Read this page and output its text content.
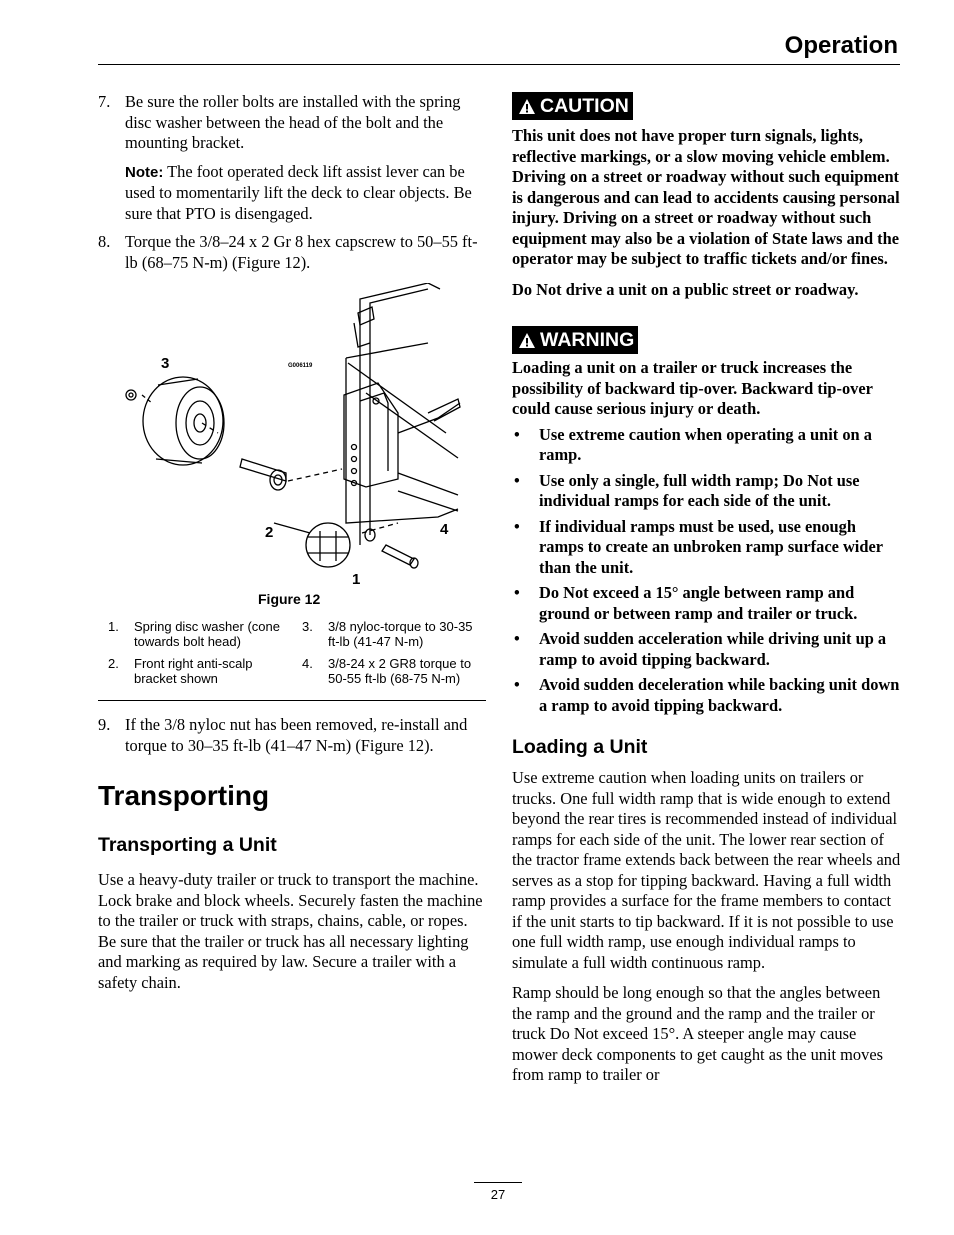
Operation
7. Be sure the roller bolts are installed with the spring disc washer between the head of the bolt and the mounting bracket.
Note: The foot operated deck lift assist lever can be used to momentarily lift the deck to clear objects. Be sure that PTO is disengaged.
8. Torque the 3/8–24 x 2 Gr 8 hex capscrew to 50–55 ft-lb (68–75 N-m) (Figure 12).
G006119
3
2	4
1
Figure 12
1.	Spring disc washer (cone towards bolt head)
3.	3/8 nyloc-torque to 30-35 ft-lb (41-47 N-m)
2.	Front right anti-scalp bracket shown
4.	3/8-24 x 2 GR8 torque to 50-55 ft-lb (68-75 N-m)
9. If the 3/8 nyloc nut has been removed, re-install and torque to 30–35 ft-lb (41–47 N-m) (Figure 12).
Transporting
Transporting a Unit

Use a heavy-duty trailer or truck to transport the machine. Lock brake and block wheels. Securely fasten the machine to the trailer or truck with straps, chains, cable, or ropes. Be sure that the trailer or truck has all necessary lighting and marking as required by law. Secure a trailer with a safety chain.

CAUTION

This unit does not have proper turn signals, lights, reflective markings, or a slow moving vehicle emblem. Driving on a street or roadway without such equipment is dangerous and can lead to accidents causing personal injury. Driving on a street or roadway without such equipment may also be a violation of State laws and the operator may be subject to traffic tickets and/or fines.

Do Not drive a unit on a public street or roadway.

WARNING

Loading a unit on a trailer or truck increases the possibility of backward tip-over. Backward tip-over could cause serious injury or death.

•	Use extreme caution when operating a unit on a ramp.
•	Use only a single, full width ramp; Do Not use individual ramps for each side of the unit.
•	If individual ramps must be used, use enough ramps to create an unbroken ramp surface wider than the unit.
•	Do Not exceed a 15° angle between ramp and ground or between ramp and trailer or truck.
•	Avoid sudden acceleration while driving unit up a ramp to avoid tipping backward.
•	Avoid sudden deceleration while backing unit down a ramp to avoid tipping backward.
Loading a Unit

Use extreme caution when loading units on trailers or trucks. One full width ramp that is wide enough to extend beyond the rear tires is recommended instead of individual ramps for each side of the unit. The lower rear section of the tractor frame extends back between the rear wheels and serves as a stop for tipping backward. Having a full width ramp provides a surface for the frame members to contact if the unit starts to tip backward. If it is not possible to use one full width ramp, use enough individual ramps to simulate a full width continuous ramp.

Ramp should be long enough so that the angles between the ramp and the ground and the ramp and the trailer or truck Do Not exceed 15°. A steeper angle may cause mower deck components to get caught as the unit moves from ramp to trailer or

27
